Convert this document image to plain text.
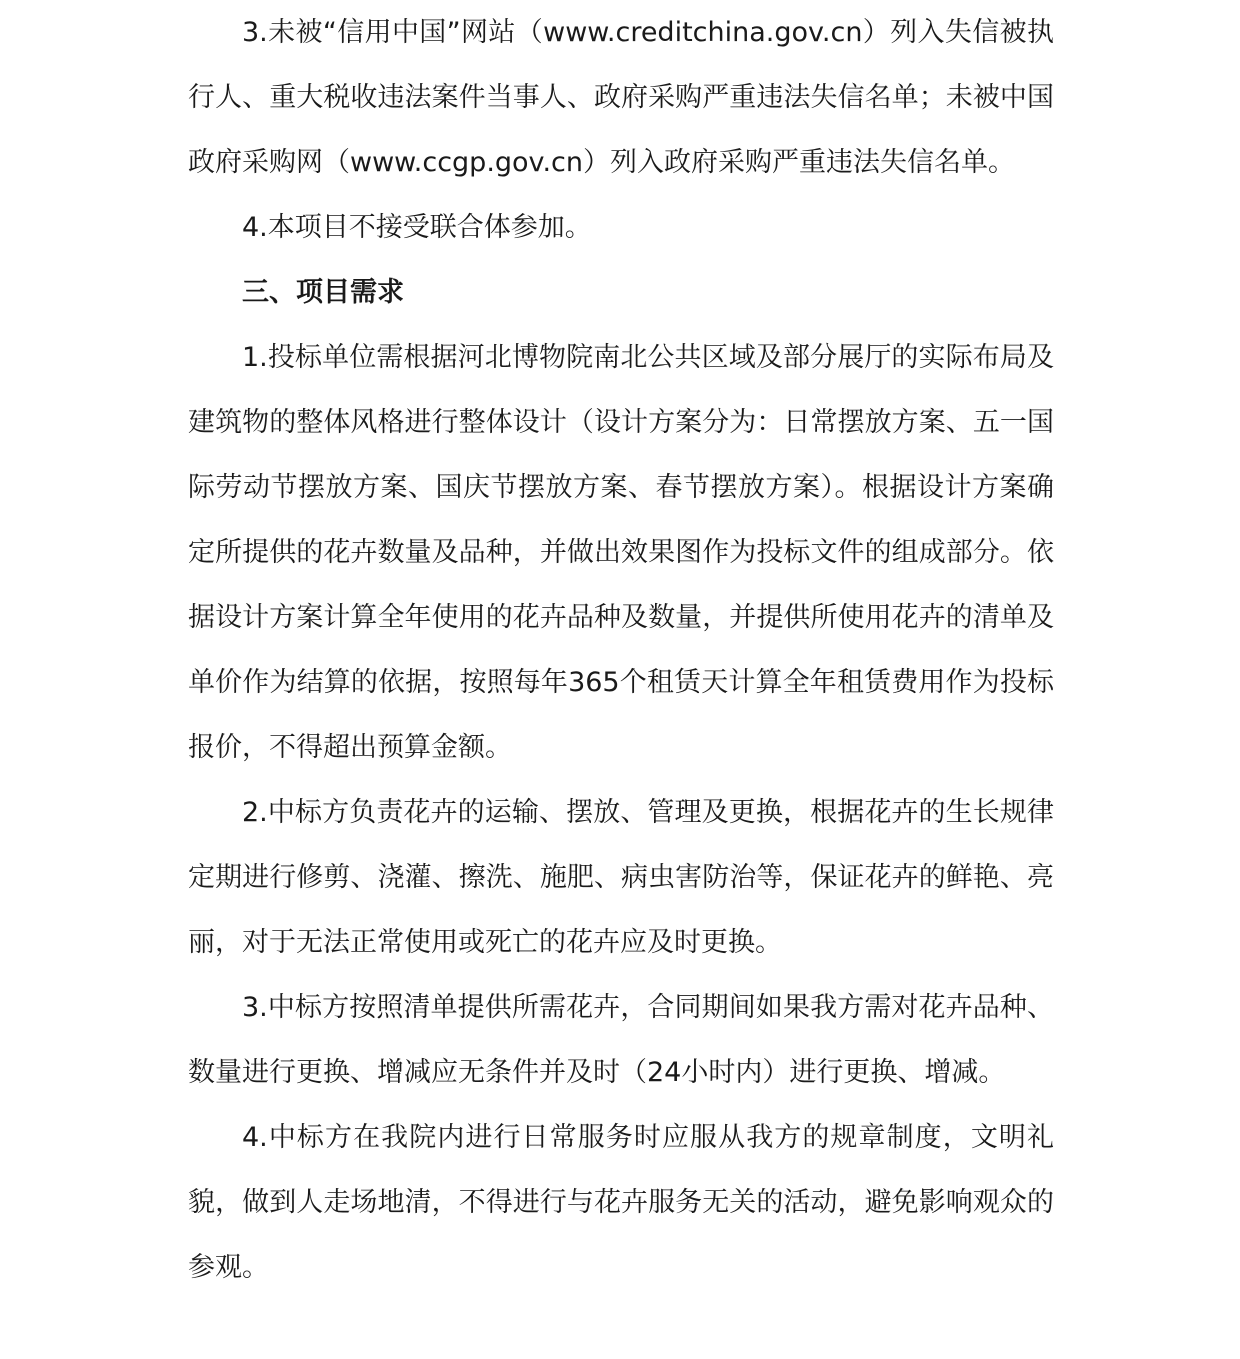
3.未被“信用中国”网站（www.creditchina.gov.cn）列入失信被执行人、重大税收违法案件当事人、政府采购严重违法失信名单；未被中国政府采购网（www.ccgp.gov.cn）列入政府采购严重违法失信名单。

4.本项目不接受联合体参加。

三、项目需求

1.投标单位需根据河北博物院南北公共区域及部分展厅的实际布局及建筑物的整体风格进行整体设计（设计方案分为：日常摆放方案、五一国际劳动节摆放方案、国庆节摆放方案、春节摆放方案）。根据设计方案确定所提供的花卉数量及品种，并做出效果图作为投标文件的组成部分。依据设计方案计算全年使用的花卉品种及数量，并提供所使用花卉的清单及单价作为结算的依据，按照每年365个租赁天计算全年租赁费用作为投标报价，不得超出预算金额。

2.中标方负责花卉的运输、摆放、管理及更换，根据花卉的生长规律定期进行修剪、浇灌、擦洗、施肥、病虫害防治等，保证花卉的鲜艳、亮丽，对于无法正常使用或死亡的花卉应及时更换。

3.中标方按照清单提供所需花卉，合同期间如果我方需对花卉品种、数量进行更换、增减应无条件并及时（24小时内）进行更换、增减。

4.中标方在我院内进行日常服务时应服从我方的规章制度，文明礼貌，做到人走场地清，不得进行与花卉服务无关的活动，避免影响观众的参观。
